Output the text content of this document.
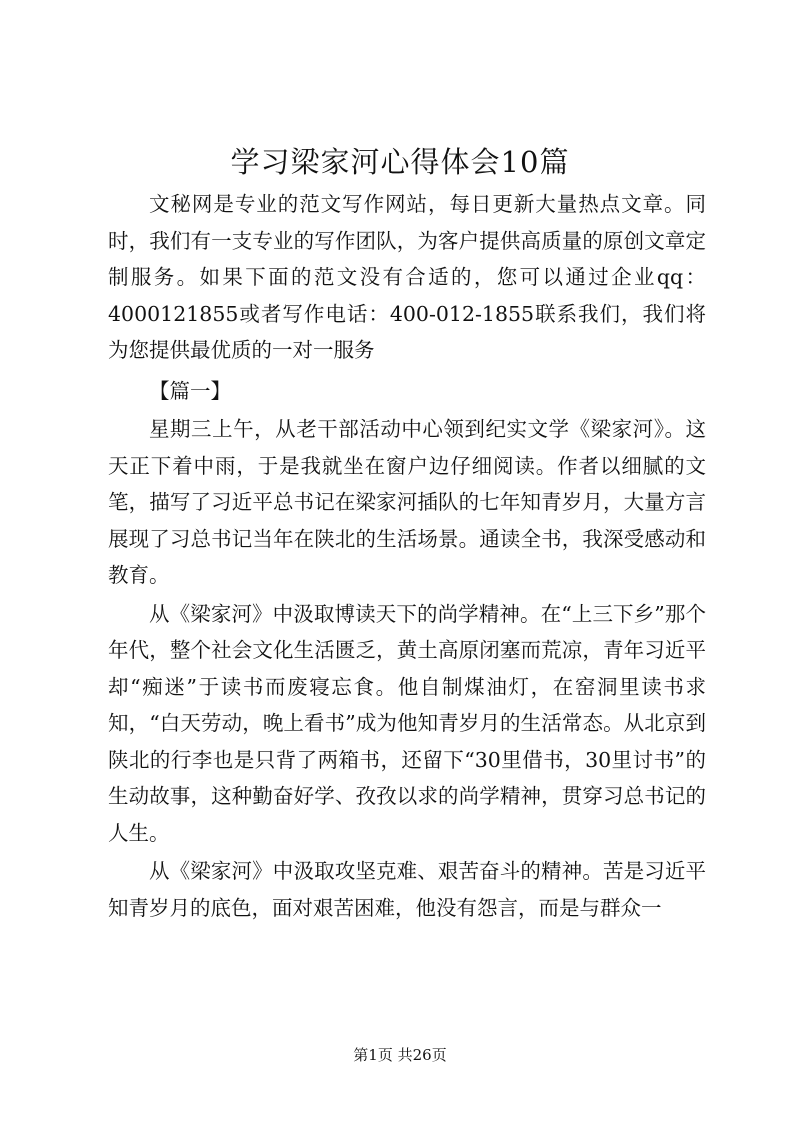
学习梁家河心得体会10篇

文秘网是专业的范文写作网站，每日更新大量热点文章。同时，我们有一支专业的写作团队，为客户提供高质量的原创文章定制服务。如果下面的范文没有合适的，您可以通过企业qq：4000121855或者写作电话：400-012-1855联系我们，我们将为您提供最优质的一对一服务

【篇一】

星期三上午，从老干部活动中心领到纪实文学《梁家河》。这天正下着中雨，于是我就坐在窗户边仔细阅读。作者以细腻的文笔，描写了习近平总书记在梁家河插队的七年知青岁月，大量方言展现了习总书记当年在陕北的生活场景。通读全书，我深受感动和教育。

从《梁家河》中汲取博读天下的尚学精神。在“上三下乡”那个年代，整个社会文化生活匮乏，黄土高原闭塞而荒凉，青年习近平却“痴迷”于读书而废寝忘食。他自制煤油灯，在窑洞里读书求知，“白天劳动，晚上看书”成为他知青岁月的生活常态。从北京到陕北的行李也是只背了两箱书，还留下“30里借书，30里讨书”的生动故事，这种勤奋好学、孜孜以求的尚学精神，贯穿习总书记的人生。

从《梁家河》中汲取攻坚克难、艰苦奋斗的精神。苦是习近平知青岁月的底色，面对艰苦困难，他没有怨言，而是与群众一

第1页 共26页
